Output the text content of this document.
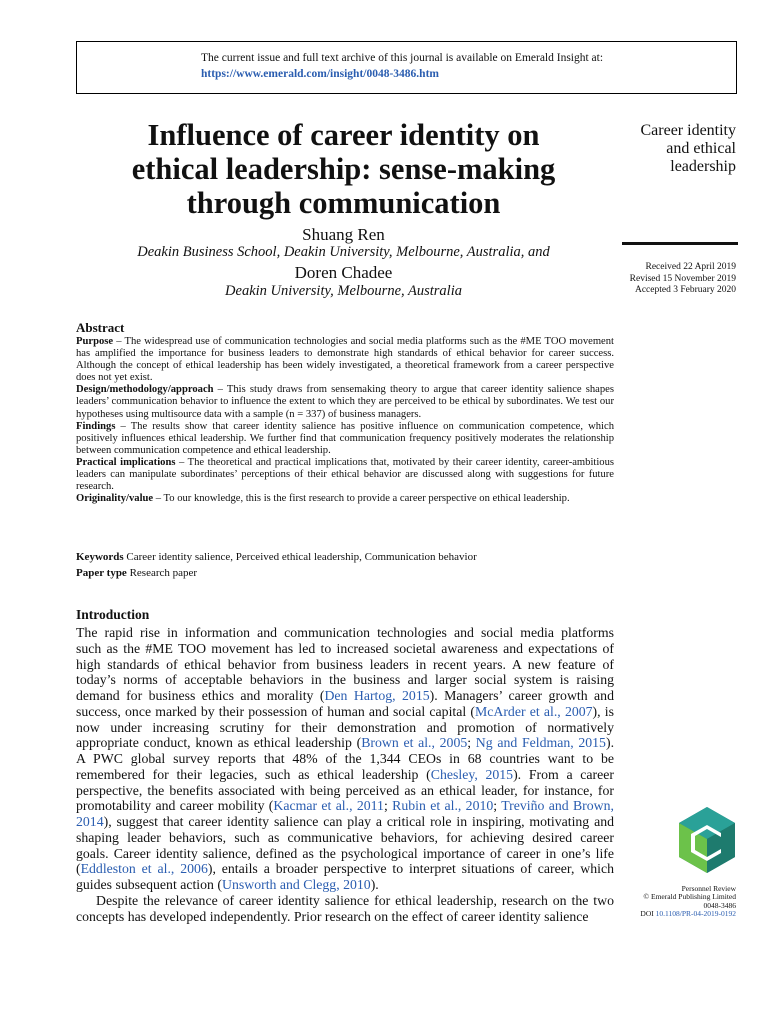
The current issue and full text archive of this journal is available on Emerald Insight at:
https://www.emerald.com/insight/0048-3486.htm
Influence of career identity on
ethical leadership: sense-making
through communication
Shuang Ren
Deakin Business School, Deakin University, Melbourne, Australia, and
Doren Chadee
Deakin University, Melbourne, Australia
Career identity
and ethical
leadership
Received 22 April 2019
Revised 15 November 2019
Accepted 3 February 2020
Abstract

Purpose – The widespread use of communication technologies and social media platforms such as the #ME TOO movement has amplified the importance for business leaders to demonstrate high standards of ethical behavior for career success. Although the concept of ethical leadership has been widely investigated, a theoretical framework from a career perspective does not yet exist.

Design/methodology/approach – This study draws from sensemaking theory to argue that career identity salience shapes leaders’ communication behavior to influence the extent to which they are perceived to be ethical by subordinates. We test our hypotheses using multisource data with a sample (n = 337) of business managers.

Findings – The results show that career identity salience has positive influence on communication competence, which positively influences ethical leadership. We further find that communication frequency positively moderates the relationship between communication competence and ethical leadership.

Practical implications – The theoretical and practical implications that, motivated by their career identity, career-ambitious leaders can manipulate subordinates’ perceptions of their ethical behavior are discussed along with suggestions for future research.

Originality/value – To our knowledge, this is the first research to provide a career perspective on ethical leadership.

Keywords Career identity salience, Perceived ethical leadership, Communication behavior
Paper type Research paper
Introduction
The rapid rise in information and communication technologies and social media platforms
such as the #ME TOO movement has led to increased societal awareness and expectations of
high standards of ethical behavior from business leaders in recent years. A new feature of
today’s norms of acceptable behaviors in the business and larger social system is raising
demand for business ethics and morality (Den Hartog, 2015). Managers’ career growth and
success, once marked by their possession of human and social capital (McArder et al., 2007), is
now under increasing scrutiny for their demonstration and promotion of normatively
appropriate conduct, known as ethical leadership (Brown et al., 2005; Ng and Feldman, 2015).
A PWC global survey reports that 48% of the 1,344 CEOs in 68 countries want to be
remembered for their legacies, such as ethical leadership (Chesley, 2015). From a career
perspective, the benefits associated with being perceived as an ethical leader, for instance, for
promotability and career mobility (Kacmar et al., 2011; Rubin et al., 2010; Treviño and Brown,
2014), suggest that career identity salience can play a critical role in inspiring, motivating and
shaping leader behaviors, such as communicative behaviors, for achieving desired career
goals. Career identity salience, defined as the psychological importance of career in one’s life
(Eddleston et al., 2006), entails a broader perspective to interpret situations of career, which
guides subsequent action (Unsworth and Clegg, 2010).
Despite the relevance of career identity salience for ethical leadership, research on the two
concepts has developed independently. Prior research on the effect of career identity salience
Personnel Review
© Emerald Publishing Limited
0048-3486
DOI 10.1108/PR-04-2019-0192
